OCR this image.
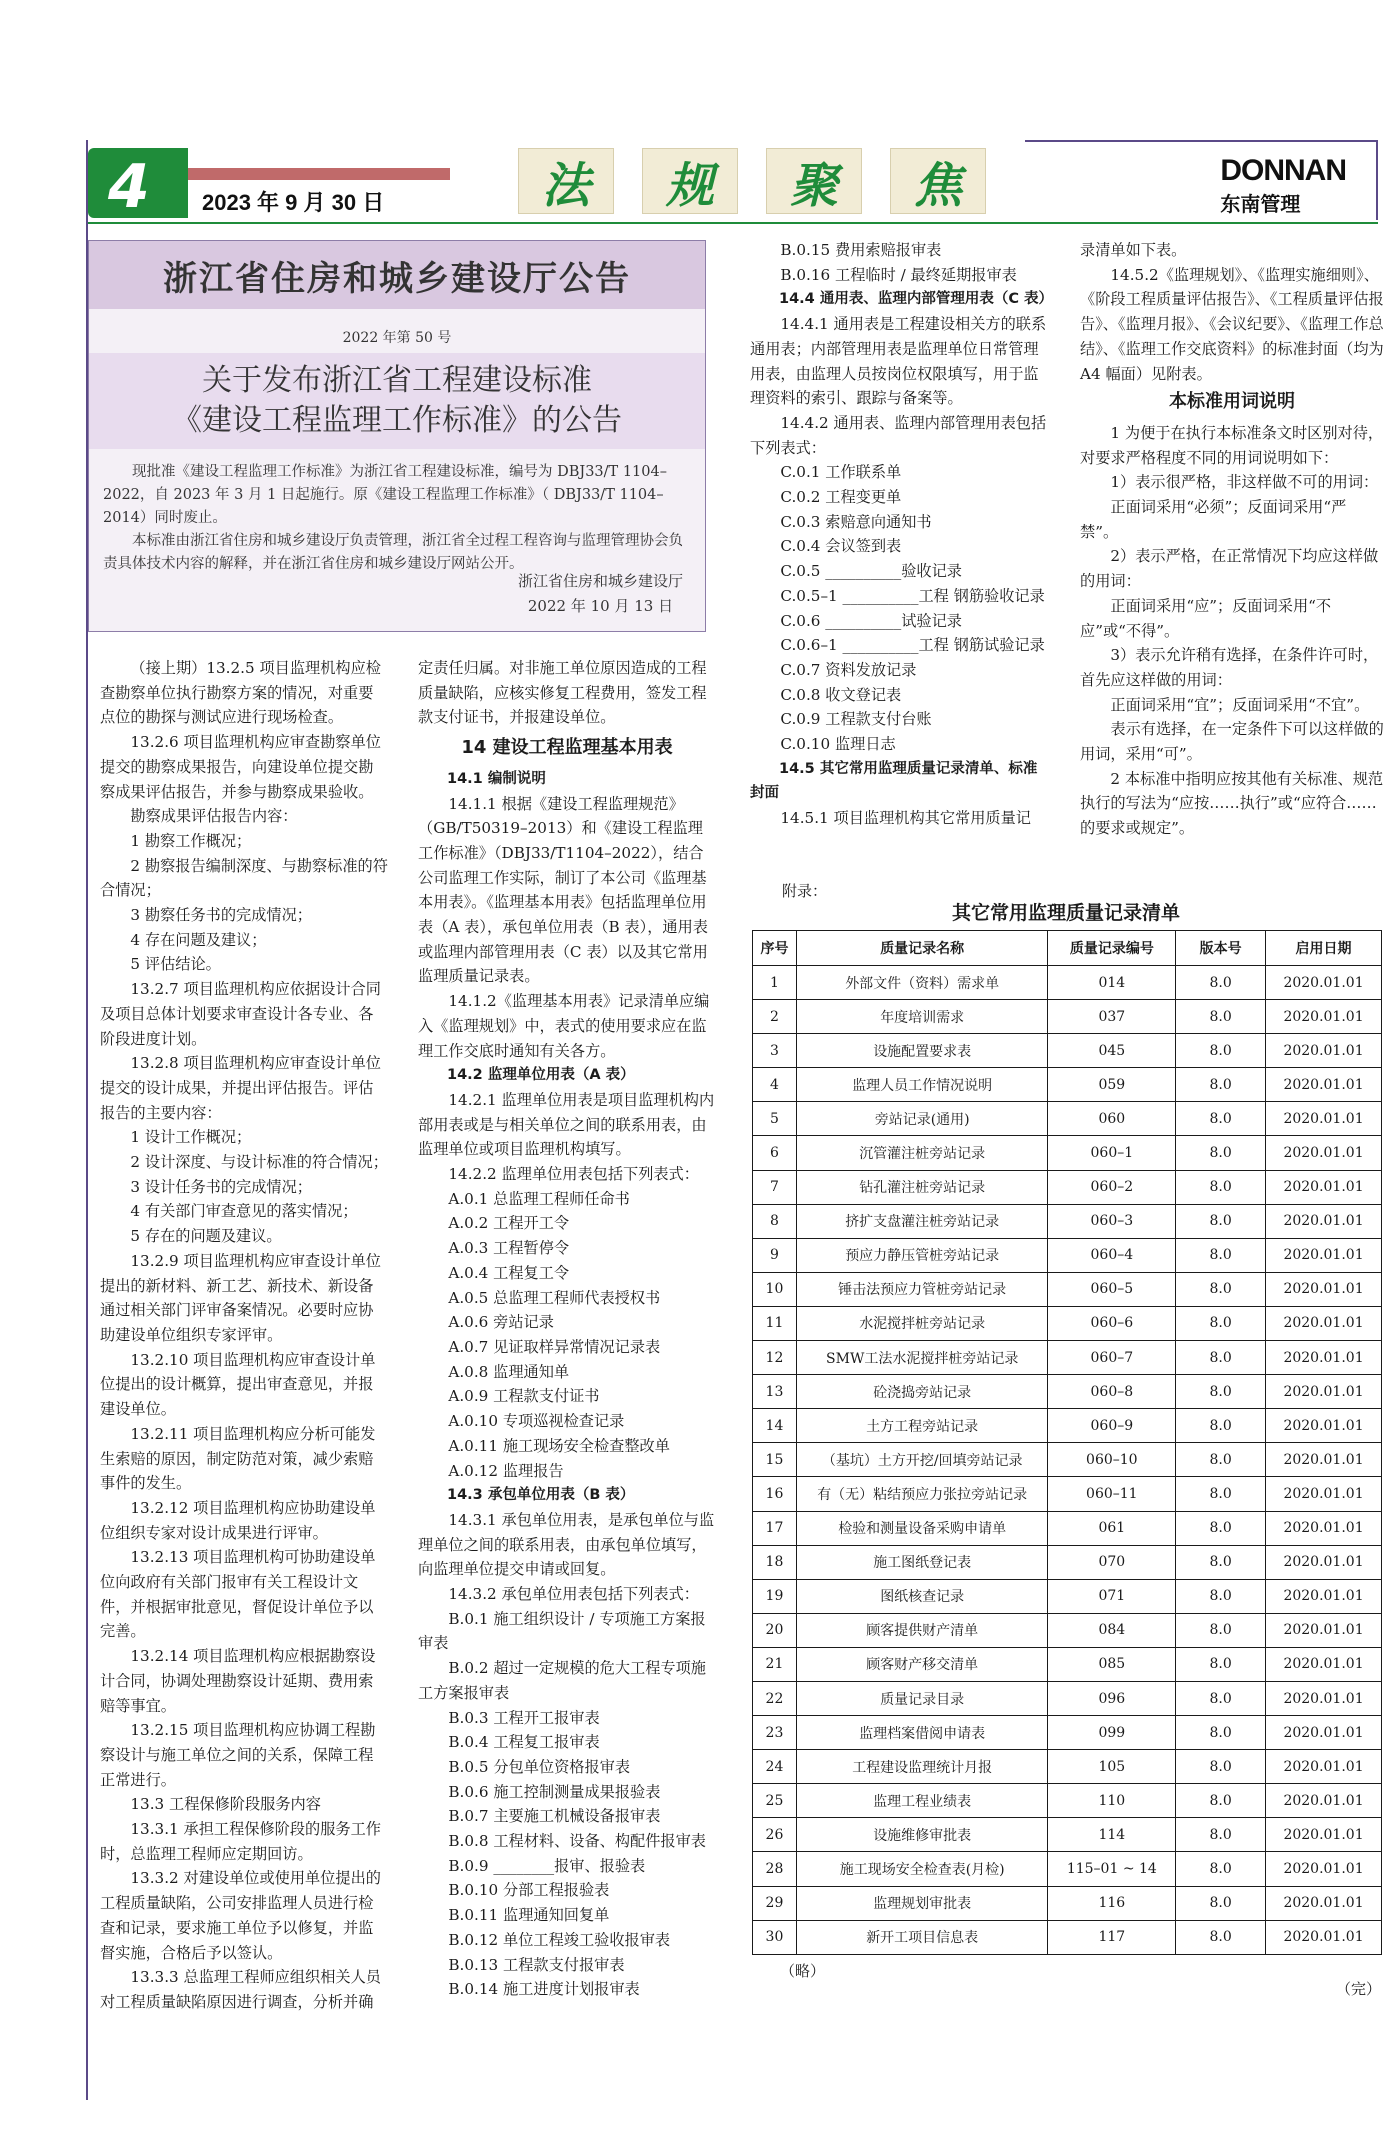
4 2023 年 9 月 30 日	法	规	聚	焦	DONNAN
东南管理
浙江省住房和城乡建设厅公告
2022 年第 50 号
关于发布浙江省工程建设标准
《建设工程监理工作标准》的公告

现批准《建设工程监理工作标准》为浙江省工程建设标准，编号为 DBJ33/T 1104–2022，自 2023 年 3 月 1 日起施行。原《建设工程监理工作标准》（ DBJ33/T 1104–2014）同时废止。

本标准由浙江省住房和城乡建设厅负责管理，浙江省全过程工程咨询与监理管理协会负责具体技术内容的解释，并在浙江省住房和城乡建设厅网站公开。

浙江省住房和城乡建设厅
2022 年 10 月 13 日

（接上期）13.2.5 项目监理机构应检查勘察单位执行勘察方案的情况，对重要点位的勘探与测试应进行现场检查。

13.2.6 项目监理机构应审查勘察单位提交的勘察成果报告，向建设单位提交勘察成果评估报告，并参与勘察成果验收。

勘察成果评估报告内容：

1 勘察工作概况；

2 勘察报告编制深度、与勘察标准的符合情况；

3 勘察任务书的完成情况；

4 存在问题及建议；

5 评估结论。

13.2.7 项目监理机构应依据设计合同及项目总体计划要求审查设计各专业、各阶段进度计划。

13.2.8 项目监理机构应审查设计单位提交的设计成果，并提出评估报告。评估报告的主要内容：

1 设计工作概况；

2 设计深度、与设计标准的符合情况；

3 设计任务书的完成情况；

4 有关部门审查意见的落实情况；

5 存在的问题及建议。

13.2.9 项目监理机构应审查设计单位提出的新材料、新工艺、新技术、新设备通过相关部门评审备案情况。必要时应协助建设单位组织专家评审。

13.2.10 项目监理机构应审查设计单位提出的设计概算，提出审查意见，并报建设单位。

13.2.11 项目监理机构应分析可能发生索赔的原因，制定防范对策，减少索赔事件的发生。

13.2.12 项目监理机构应协助建设单位组织专家对设计成果进行评审。

13.2.13 项目监理机构可协助建设单位向政府有关部门报审有关工程设计文件，并根据审批意见，督促设计单位予以完善。

13.2.14 项目监理机构应根据勘察设计合同，协调处理勘察设计延期、费用索赔等事宜。

13.2.15 项目监理机构应协调工程勘察设计与施工单位之间的关系，保障工程正常进行。

13.3 工程保修阶段服务内容

13.3.1 承担工程保修阶段的服务工作时，总监理工程师应定期回访。

13.3.2 对建设单位或使用单位提出的工程质量缺陷，公司安排监理人员进行检查和记录，要求施工单位予以修复，并监督实施，合格后予以签认。

13.3.3 总监理工程师应组织相关人员对工程质量缺陷原因进行调查，分析并确

定责任归属。对非施工单位原因造成的工程质量缺陷，应核实修复工程费用，签发工程款支付证书，并报建设单位。

14 建设工程监理基本用表

14.1 编制说明

14.1.1 根据《建设工程监理规范》（GB/T50319–2013）和《建设工程监理工作标准》（DBJ33/T1104–2022），结合公司监理工作实际，制订了本公司《监理基本用表》。《监理基本用表》包括监理单位用表（A 表），承包单位用表（B 表），通用表或监理内部管理用表（C 表）以及其它常用监理质量记录表。

14.1.2《监理基本用表》记录清单应编入《监理规划》中，表式的使用要求应在监理工作交底时通知有关各方。

14.2 监理单位用表（A 表）

14.2.1 监理单位用表是项目监理机构内部用表或是与相关单位之间的联系用表，由监理单位或项目监理机构填写。

14.2.2 监理单位用表包括下列表式：

A.0.1 总监理工程师任命书

A.0.2 工程开工令

A.0.3 工程暂停令

A.0.4 工程复工令

A.0.5 总监理工程师代表授权书

A.0.6 旁站记录

A.0.7 见证取样异常情况记录表

A.0.8 监理通知单

A.0.9 工程款支付证书

A.0.10 专项巡视检查记录

A.0.11 施工现场安全检查整改单

A.0.12 监理报告

14.3 承包单位用表（B 表）

14.3.1 承包单位用表，是承包单位与监理单位之间的联系用表，由承包单位填写，向监理单位提交申请或回复。

14.3.2 承包单位用表包括下列表式：

B.0.1 施工组织设计 / 专项施工方案报审表

B.0.2 超过一定规模的危大工程专项施工方案报审表

B.0.3 工程开工报审表

B.0.4 工程复工报审表

B.0.5 分包单位资格报审表

B.0.6 施工控制测量成果报验表

B.0.7 主要施工机械设备报审表

B.0.8 工程材料、设备、构配件报审表

B.0.9 ________报审、报验表

B.0.10 分部工程报验表

B.0.11 监理通知回复单

B.0.12 单位工程竣工验收报审表

B.0.13 工程款支付报审表

B.0.14 施工进度计划报审表

B.0.15 费用索赔报审表

B.0.16 工程临时 / 最终延期报审表

14.4 通用表、监理内部管理用表（C 表）

14.4.1 通用表是工程建设相关方的联系通用表；内部管理用表是监理单位日常管理用表，由监理人员按岗位权限填写，用于监理资料的索引、跟踪与备案等。

14.4.2 通用表、监理内部管理用表包括下列表式：

C.0.1 工作联系单

C.0.2 工程变更单

C.0.3 索赔意向通知书

C.0.4 会议签到表

C.0.5 __________验收记录

C.0.5–1 __________工程 钢筋验收记录

C.0.6 __________试验记录

C.0.6–1 __________工程 钢筋试验记录

C.0.7 资料发放记录

C.0.8 收文登记表

C.0.9 工程款支付台账

C.0.10 监理日志

14.5 其它常用监理质量记录清单、标准封面

14.5.1 项目监理机构其它常用质量记

录清单如下表。

14.5.2《监理规划》、《监理实施细则》、《阶段工程质量评估报告》、《工程质量评估报告》、《监理月报》、《会议纪要》、《监理工作总结》、《监理工作交底资料》的标准封面（均为 A4 幅面）见附表。

本标准用词说明

1 为便于在执行本标准条文时区别对待，对要求严格程度不同的用词说明如下：

1）表示很严格，非这样做不可的用词：

正面词采用“必须”；反面词采用“严禁”。

2）表示严格，在正常情况下均应这样做的用词：

正面词采用“应”；反面词采用“不应”或“不得”。

3）表示允许稍有选择，在条件许可时，首先应这样做的用词：

正面词采用“宜”；反面词采用“不宜”。

表示有选择，在一定条件下可以这样做的用词，采用“可”。

2 本标准中指明应按其他有关标准、规范执行的写法为“应按……执行”或“应符合……的要求或规定”。

附录：
其它常用监理质量记录清单
序号	质量记录名称	质量记录编号	版本号	启用日期
1	外部文件（资料）需求单	014	8.0	2020.01.01
2	年度培训需求	037	8.0	2020.01.01
3	设施配置要求表	045	8.0	2020.01.01
4	监理人员工作情况说明	059	8.0	2020.01.01
5	旁站记录(通用)	060	8.0	2020.01.01
6	沉管灌注桩旁站记录	060–1	8.0	2020.01.01
7	钻孔灌注桩旁站记录	060–2	8.0	2020.01.01
8	挤扩支盘灌注桩旁站记录	060–3	8.0	2020.01.01
9	预应力静压管桩旁站记录	060–4	8.0	2020.01.01
10	锤击法预应力管桩旁站记录	060–5	8.0	2020.01.01
11	水泥搅拌桩旁站记录	060–6	8.0	2020.01.01
12	SMW工法水泥搅拌桩旁站记录	060–7	8.0	2020.01.01
13	砼浇捣旁站记录	060–8	8.0	2020.01.01
14	土方工程旁站记录	060–9	8.0	2020.01.01
15	（基坑）土方开挖/回填旁站记录	060–10	8.0	2020.01.01
16	有（无）粘结预应力张拉旁站记录	060–11	8.0	2020.01.01
17	检验和测量设备采购申请单	061	8.0	2020.01.01
18	施工图纸登记表	070	8.0	2020.01.01
19	图纸核查记录	071	8.0	2020.01.01
20	顾客提供财产清单	084	8.0	2020.01.01
21	顾客财产移交清单	085	8.0	2020.01.01
22	质量记录目录	096	8.0	2020.01.01
23	监理档案借阅申请表	099	8.0	2020.01.01
24	工程建设监理统计月报	105	8.0	2020.01.01
25	监理工程业绩表	110	8.0	2020.01.01
26	设施维修审批表	114	8.0	2020.01.01
28	施工现场安全检查表(月检)	115–01 ~ 14	8.0	2020.01.01
29	监理规划审批表	116	8.0	2020.01.01
30	新开工项目信息表	117	8.0	2020.01.01
（略）
（完）
